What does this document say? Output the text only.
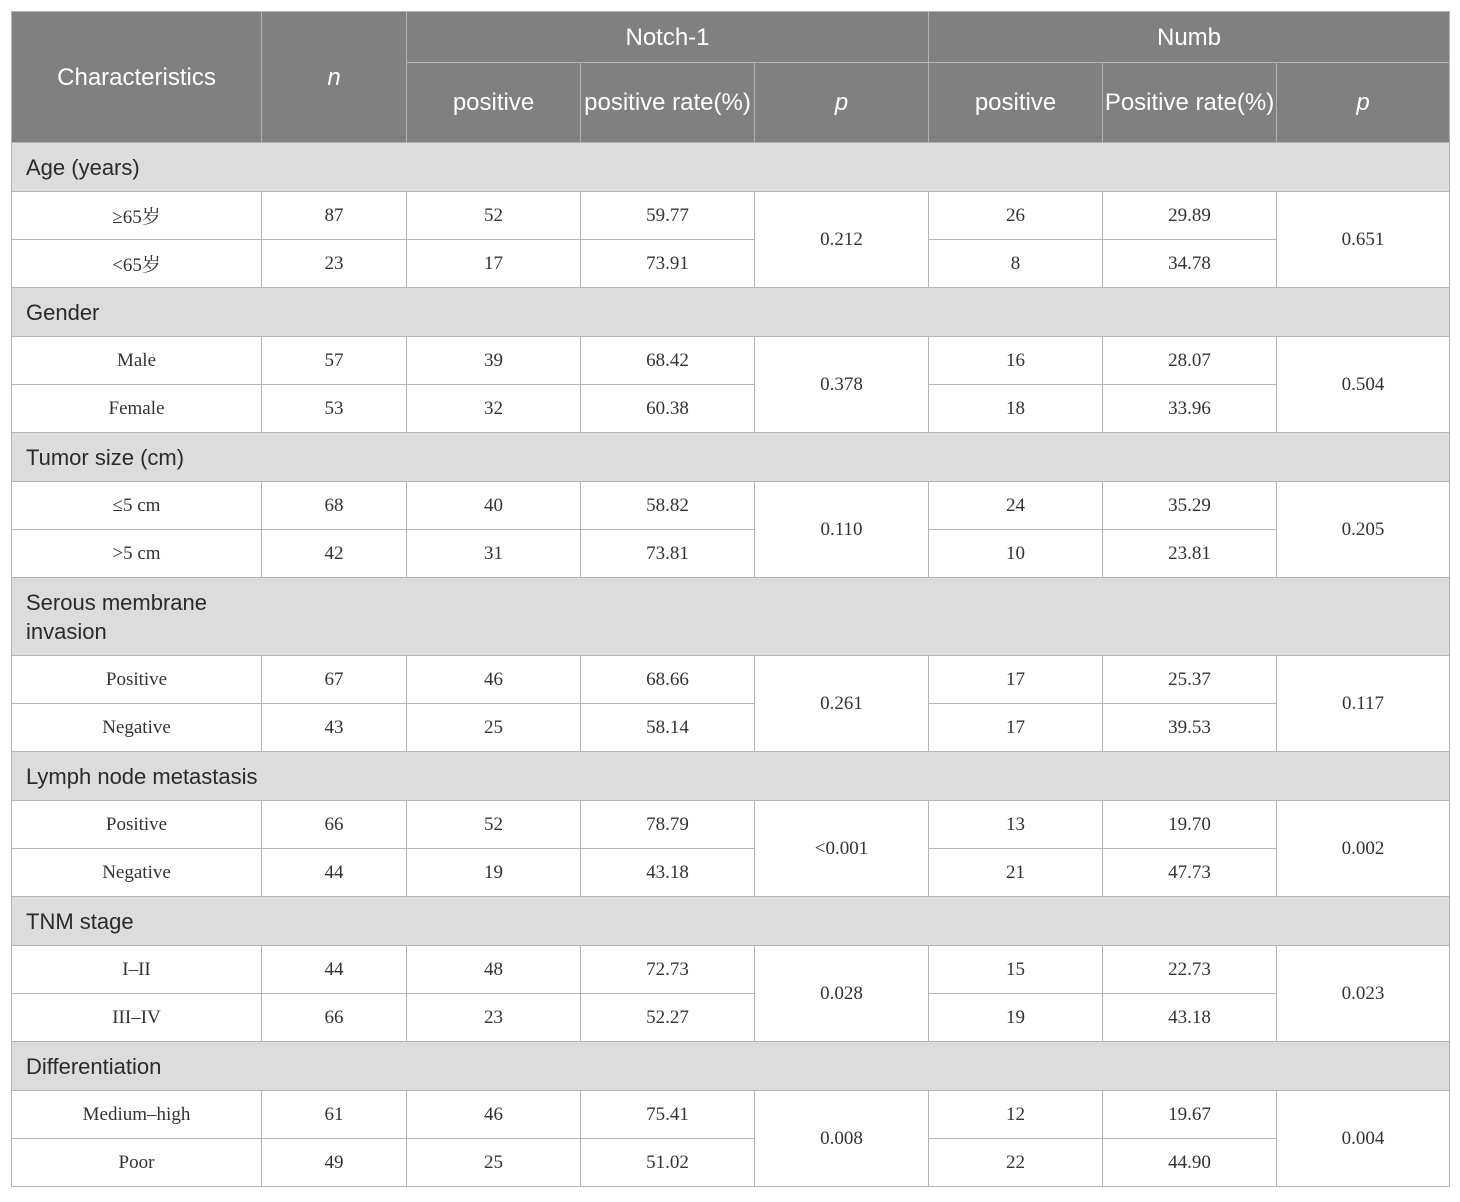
Characteristics	n	Notch-1			Numb		
		positive	positive rate(%)	p	positive	Positive rate(%)	p
Age (years)							
≥65岁	87	52	59.77	0.212	26	29.89	0.651
<65岁	23	17	73.91		8	34.78	
Gender							
Male	57	39	68.42	0.378	16	28.07	0.504
Female	53	32	60.38		18	33.96	
Tumor size (cm)							
≤5 cm	68	40	58.82	0.110	24	35.29	0.205
>5 cm	42	31	73.81		10	23.81	
Serous membrane invasion							
Positive	67	46	68.66	0.261	17	25.37	0.117
Negative	43	25	58.14		17	39.53	
Lymph node metastasis							
Positive	66	52	78.79	<0.001	13	19.70	0.002
Negative	44	19	43.18		21	47.73	
TNM stage							
I–II	44	48	72.73	0.028	15	22.73	0.023
III–IV	66	23	52.27		19	43.18	
Differentiation							
Medium–high	61	46	75.41	0.008	12	19.67	0.004
Poor	49	25	51.02		22	44.90	
